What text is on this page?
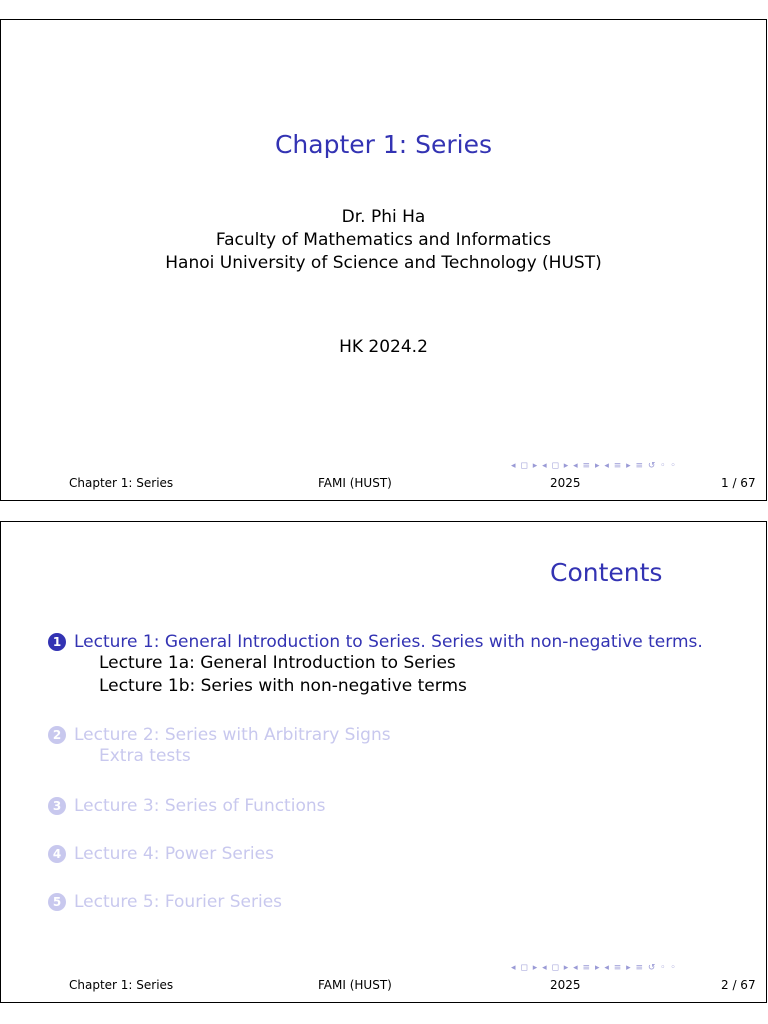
Chapter 1: Series
Dr. Phi Ha
Faculty of Mathematics and Informatics
Hanoi University of Science and Technology (HUST)
HK 2024.2
◂ ◻ ▸ ◂ ◻ ▸ ◂ ≡ ▸ ◂ ≡ ▸ ≡ ↺ ◦ ◦
Chapter 1: Series	FAMI (HUST)	2025	1 / 67
Contents
1 Lecture 1: General Introduction to Series. Series with non-negative terms.
Lecture 1a: General Introduction to Series
Lecture 1b: Series with non-negative terms
2 Lecture 2: Series with Arbitrary Signs
Extra tests
3 Lecture 3: Series of Functions
4 Lecture 4: Power Series
5 Lecture 5: Fourier Series
◂ ◻ ▸ ◂ ◻ ▸ ◂ ≡ ▸ ◂ ≡ ▸ ≡ ↺ ◦ ◦
Chapter 1: Series	FAMI (HUST)	2025	2 / 67
